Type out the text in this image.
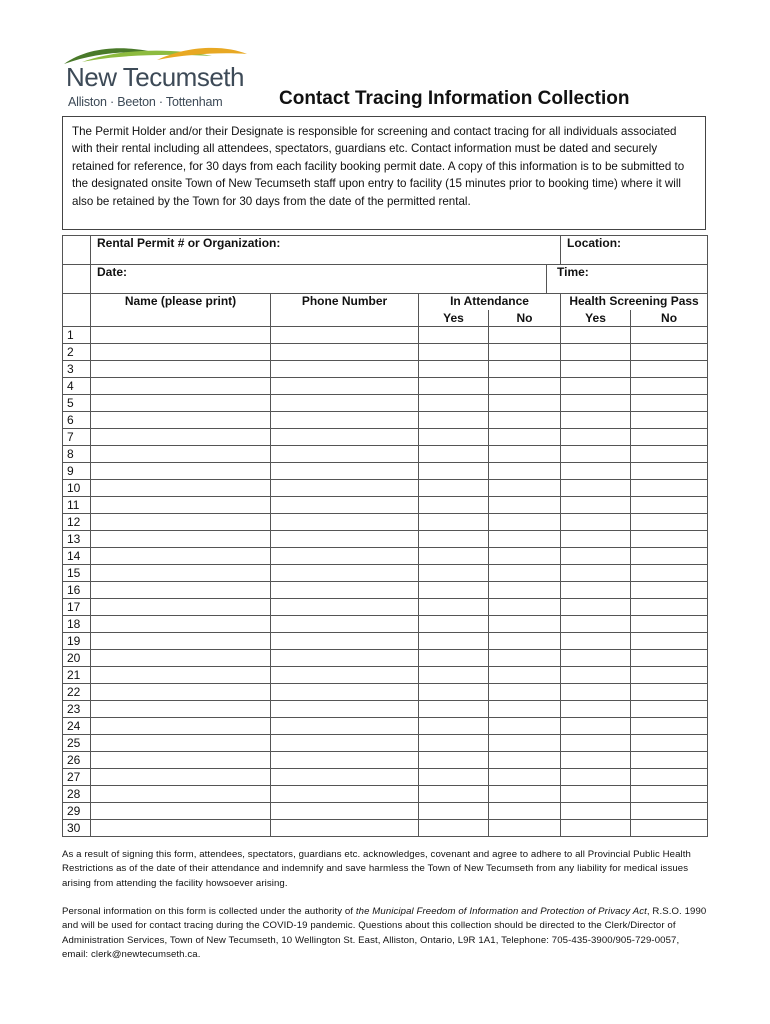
New Tecumseth
Alliston · Beeton · Tottenham	Contact Tracing Information Collection
The Permit Holder and/or their Designate is responsible for screening and contact tracing for all individuals associated with their rental including all attendees, spectators, guardians etc. Contact information must be dated and securely retained for reference, for 30 days from each facility booking permit date. A copy of this information is to be submitted to the designated onsite Town of New Tecumseth staff upon entry to facility (15 minutes prior to booking time) where it will also be retained by the Town for 30 days from the date of the permitted rental.
	Rental Permit # or Organization:					Location:	
	Date:				Time:		
	Name (please print)	Phone Number	In Attendance			Health Screening Pass	
			Yes	No		Yes	No
1							
2							
3							
4							
5							
6							
7							
8							
9							
10							
11							
12							
13							
14							
15							
16							
17							
18							
19							
20							
21							
22							
23							
24							
25							
26							
27							
28							
29							
30							
As a result of signing this form, attendees, spectators, guardians etc. acknowledges, covenant and agree to adhere to all Provincial Public Health Restrictions as of the date of their attendance and indemnify and save harmless the Town of New Tecumseth from any liability for medical issues arising from attending the facility howsoever arising.
Personal information on this form is collected under the authority of the Municipal Freedom of Information and Protection of Privacy Act, R.S.O. 1990 and will be used for contact tracing during the COVID-19 pandemic. Questions about this collection should be directed to the Clerk/Director of Administration Services, Town of New Tecumseth, 10 Wellington St. East, Alliston, Ontario, L9R 1A1, Telephone: 705-435-3900/905-729-0057, email: clerk@newtecumseth.ca.
